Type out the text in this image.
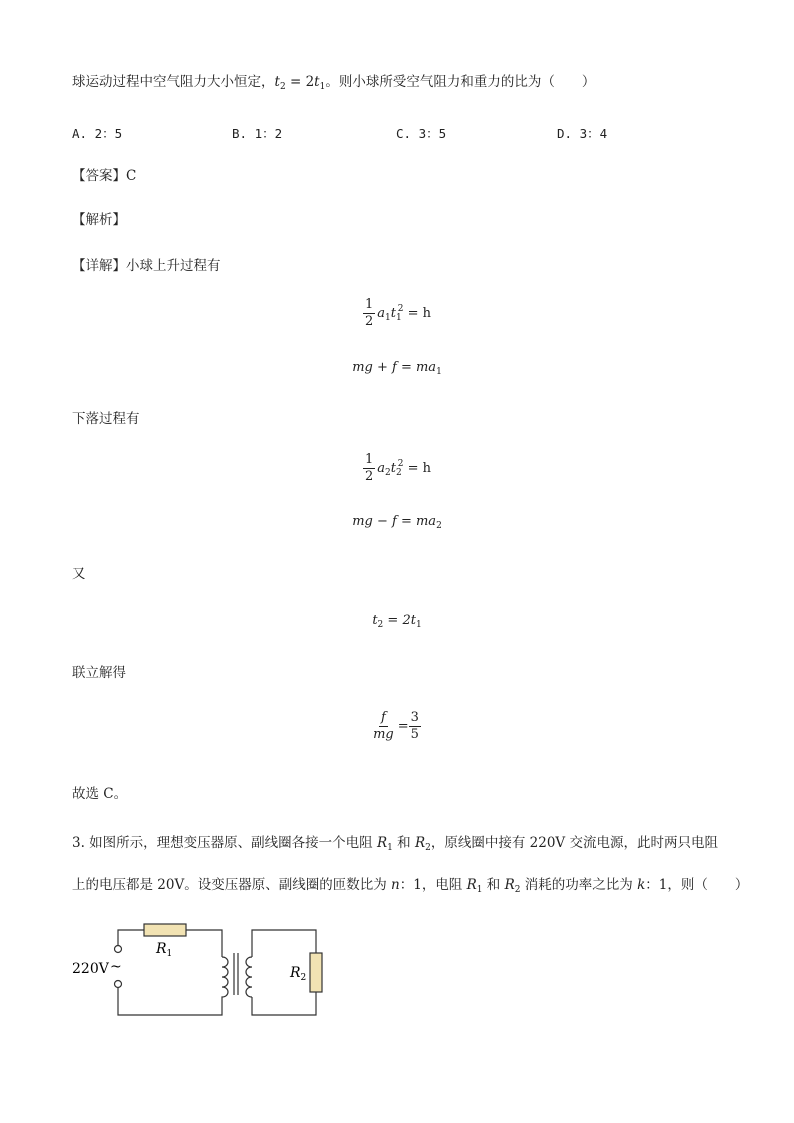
球运动过程中空气阻力大小恒定，$t_2 = 2t_1$。则小球所受空气阻力和重力的比为（　　）
A. 2：5	B. 1：2	C. 3：5	D. 3：4
【答案】C
【解析】
【详解】小球上升过程有
$\frac{1}{2} a_1t_1^2 = h$
mg + $f = ma_1$
下落过程有
$\frac{1}{2} a_2t_2^2 = h$
mg − $f = ma_2$
又
$t_2 = 2t_1$
联立解得
$\frac{f}{mg} = \frac{3}{5}$
故选 C。
3. 如图所示，理想变压器原、副线圈各接一个电阻 $R_1$ 和 $R_2$，原线圈中接有 220V 交流电源，此时两只电阻
上的电压都是 20V。设变压器原、副线圈的匝数比为 n：1，电阻 $R_1$ 和 $R_2$ 消耗的功率之比为 k：1，则（　　）
$R_1$
$R_2$
220V ~
